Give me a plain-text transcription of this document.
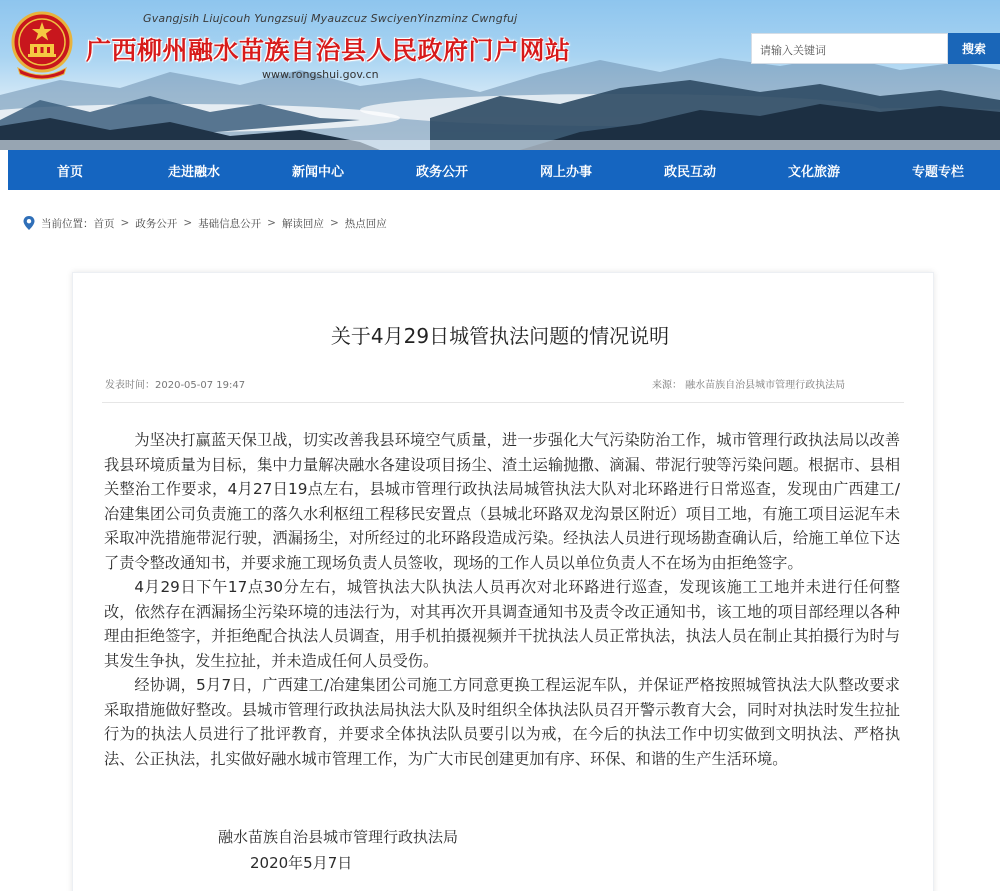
Gvangjsih Liujcouh Yungzsuij Myauzcuz SwciyenYinzminz Cwngfuj
广西柳州融水苗族自治县人民政府门户网站
www.rongshui.gov.cn
请输入关键词	搜索
首页	走进融水	新闻中心	政务公开	网上办事	政民互动	文化旅游	专题专栏
当前位置： 首页 > 政务公开 > 基础信息公开 > 解读回应 > 热点回应
关于4月29日城管执法问题的情况说明
发表时间：2020-05-07 19:47	来源： 融水苗族自治县城市管理行政执法局

为坚决打赢蓝天保卫战，切实改善我县环境空气质量，进一步强化大气污染防治工作，城市管理行政执法局以改善我县环境质量为目标，集中力量解决融水各建设项目扬尘、渣土运输抛撒、滴漏、带泥行驶等污染问题。根据市、县相关整治工作要求，4月27日19点左右，县城市管理行政执法局城管执法大队对北环路进行日常巡查，发现由广西建工/冶建集团公司负责施工的落久水利枢纽工程移民安置点（县城北环路双龙沟景区附近）项目工地，有施工项目运泥车未采取冲洗措施带泥行驶，洒漏扬尘，对所经过的北环路段造成污染。经执法人员进行现场勘查确认后，给施工单位下达了责令整改通知书，并要求施工现场负责人员签收，现场的工作人员以单位负责人不在场为由拒绝签字。

4月29日下午17点30分左右，城管执法大队执法人员再次对北环路进行巡查，发现该施工工地并未进行任何整改，依然存在洒漏扬尘污染环境的违法行为，对其再次开具调查通知书及责令改正通知书，该工地的项目部经理以各种理由拒绝签字，并拒绝配合执法人员调查，用手机拍摄视频并干扰执法人员正常执法，执法人员在制止其拍摄行为时与其发生争执，发生拉扯，并未造成任何人员受伤。

经协调，5月7日，广西建工/冶建集团公司施工方同意更换工程运泥车队，并保证严格按照城管执法大队整改要求采取措施做好整改。县城市管理行政执法局执法大队及时组织全体执法队员召开警示教育大会，同时对执法时发生拉扯行为的执法人员进行了批评教育，并要求全体执法队员要引以为戒，在今后的执法工作中切实做到文明执法、严格执法、公正执法，扎实做好融水城市管理工作，为广大市民创建更加有序、环保、和谐的生产生活环境。

融水苗族自治县城市管理行政执法局
2020年5月7日
